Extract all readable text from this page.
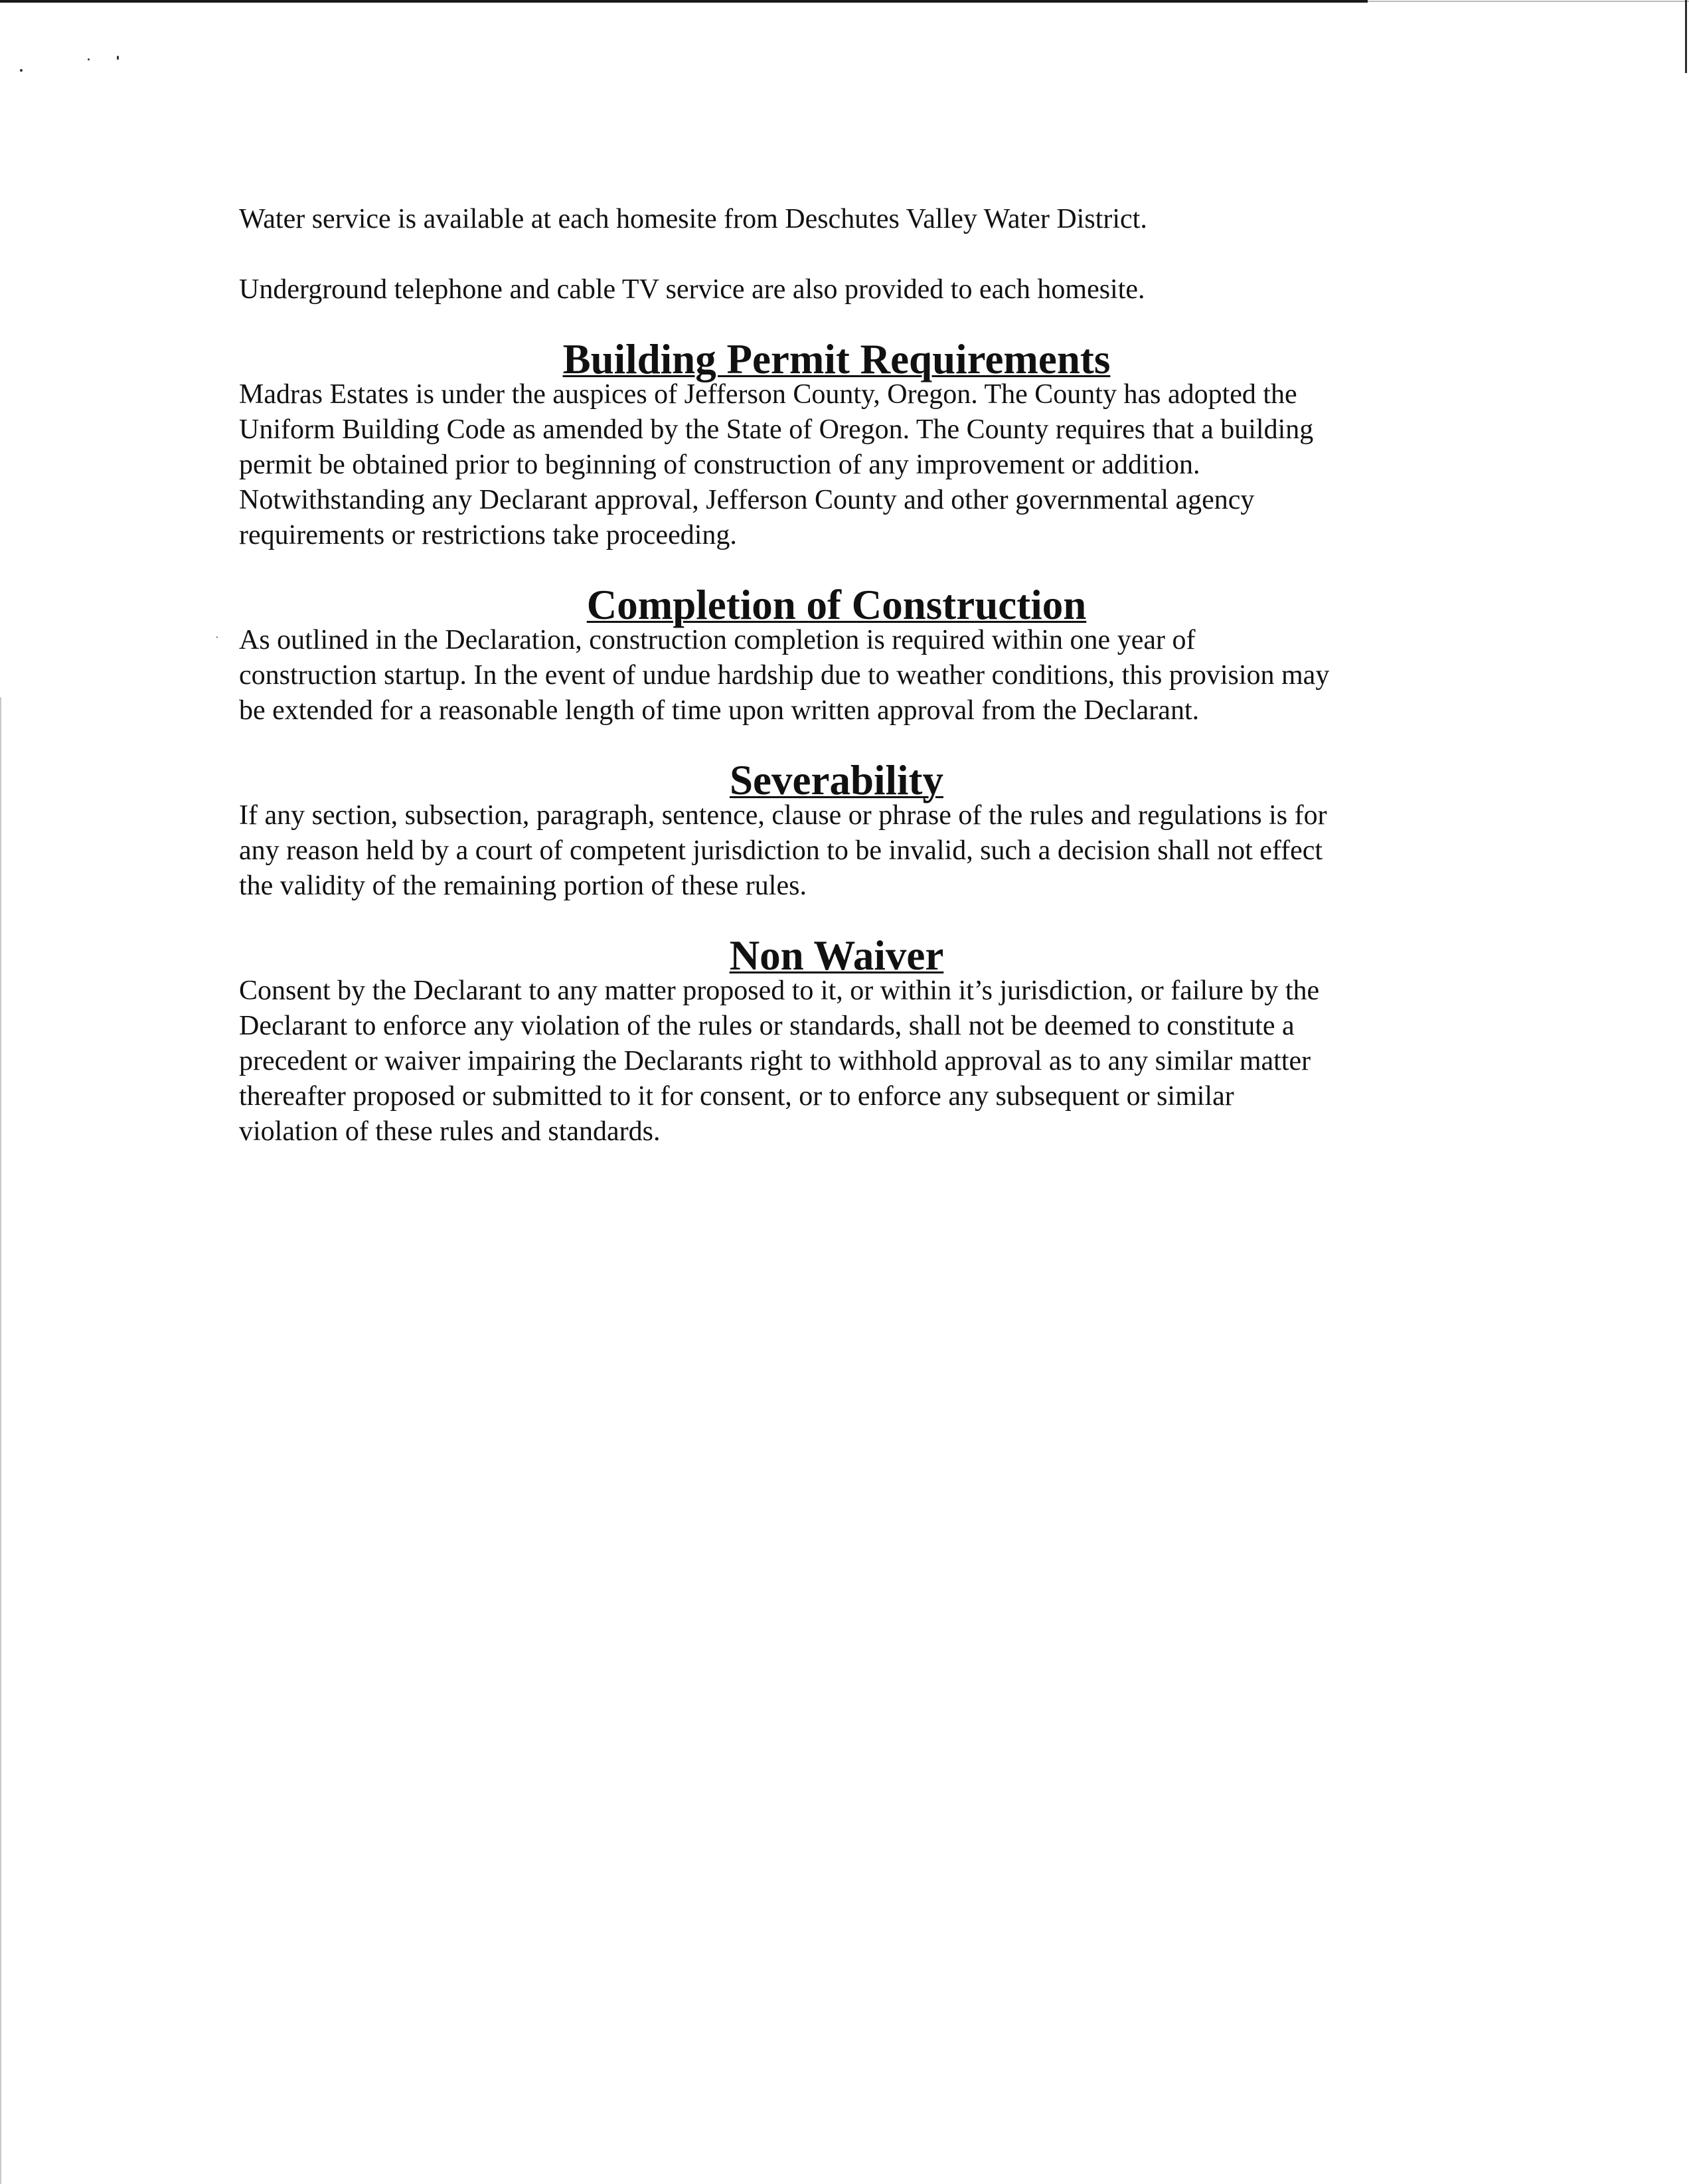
Water service is available at each homesite from Deschutes Valley Water District.

Underground telephone and cable TV service are also provided to each homesite.

Building Permit Requirements

Madras Estates is under the auspices of Jefferson County, Oregon. The County has adopted the
Uniform Building Code as amended by the State of Oregon. The County requires that a building
permit be obtained prior to beginning of construction of any improvement or addition.
Notwithstanding any Declarant approval, Jefferson County and other governmental agency
requirements or restrictions take proceeding.

Completion of Construction

As outlined in the Declaration, construction completion is required within one year of
construction startup. In the event of undue hardship due to weather conditions, this provision may
be extended for a reasonable length of time upon written approval from the Declarant.

Severability

If any section, subsection, paragraph, sentence, clause or phrase of the rules and regulations is for
any reason held by a court of competent jurisdiction to be invalid, such a decision shall not effect
the validity of the remaining portion of these rules.

Non Waiver

Consent by the Declarant to any matter proposed to it, or within it’s jurisdiction, or failure by the
Declarant to enforce any violation of the rules or standards, shall not be deemed to constitute a
precedent or waiver impairing the Declarants right to withhold approval as to any similar matter
thereafter proposed or submitted to it for consent, or to enforce any subsequent or similar
violation of these rules and standards.
